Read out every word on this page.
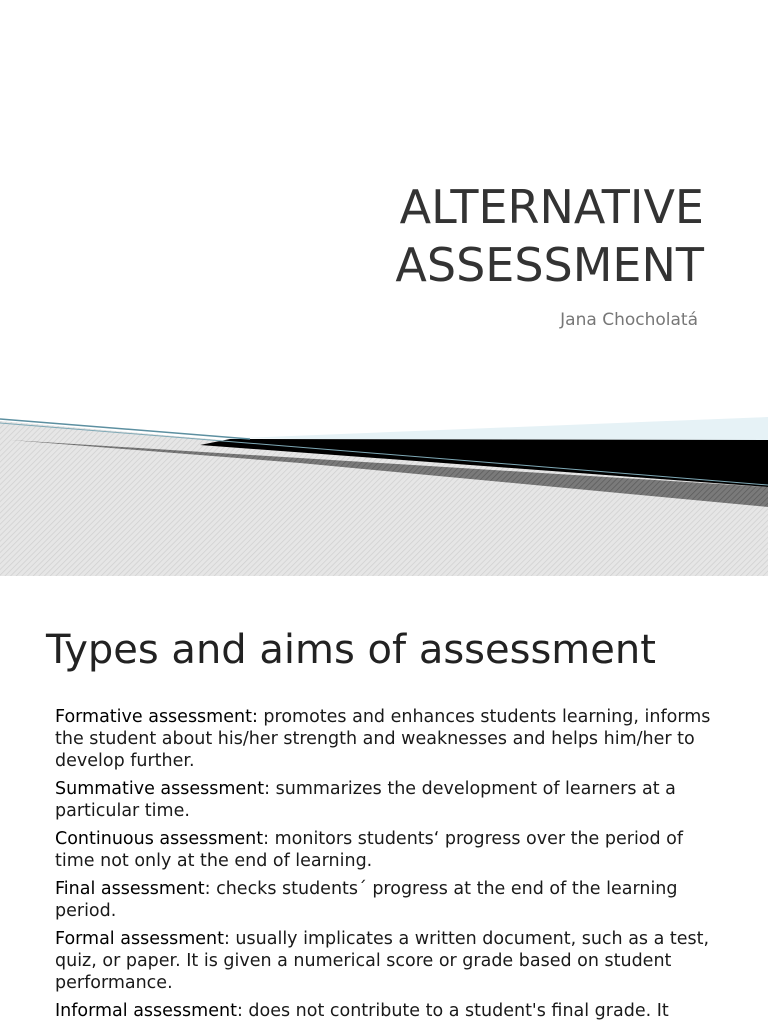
ALTERNATIVE
ASSESSMENT
Jana Chocholatá
Types and aims of assessment

Formative assessment: promotes and enhances students learning, informs the student about his/her strength and weaknesses and helps him/her to develop further.

Summative assessment: summarizes the development of learners at a particular time.

Continuous assessment: monitors students‘ progress over the period of time not only at the end of learning.

Final assessment: checks students´ progress at the end of the learning period.

Formal assessment: usually implicates a written document, such as a test, quiz, or paper. It is given a numerical score or grade based on student performance.

Informal assessment: does not contribute to a student's final grade. It
